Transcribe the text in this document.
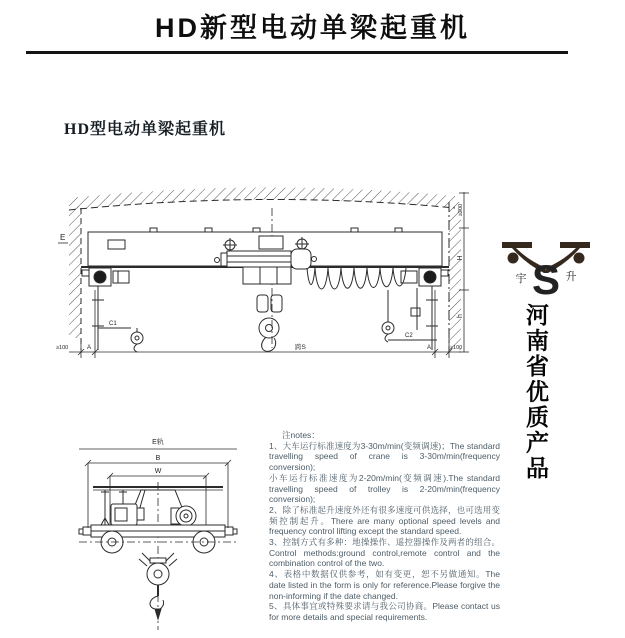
HD新型电动单梁起重机
HD型电动单梁起重机
E
≥100	A	跨S	A	≥100
C1
C2
≥200
H
h
E轨
B
W
S
宇	升
河南省优质产品

注notes：

1、大车运行标准速度为3-30m/min(变频调速)；The standard travelling speed of crane is 3-30m/min(frequency conversion);

小车运行标准速度为2-20m/min(变频调速).The standard travelling speed of trolley is 2-20m/min(frequency conversion);

2、除了标准起升速度外还有很多速度可供选择，也可选用变频控制起升。There are many optional speed levels and frequency control lifting except the standard speed.

3、控制方式有多种：地操操作、遥控器操作及两者的组合。Control methods:ground control,remote control and the combination control of the two.

4、表格中数据仅供参考，如有变更，恕不另做通知。The date listed in the form is only for reference.Please forgive the non-informing if the date changed.

5、具体事宜或特殊要求请与我公司协商。Please contact us for more details and special requirements.
